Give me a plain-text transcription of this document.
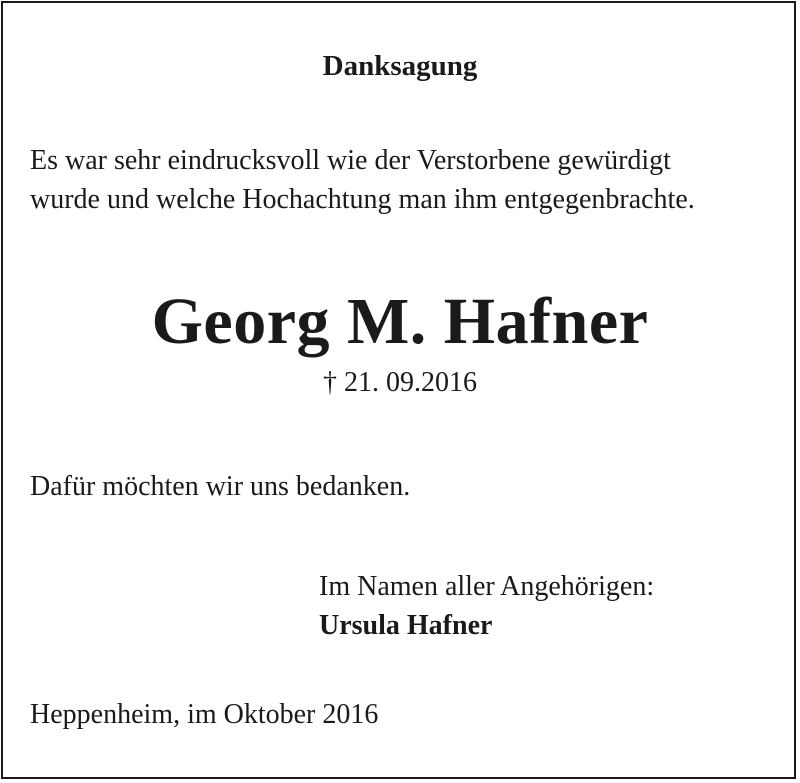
Danksagung
Es war sehr eindrucksvoll wie der Verstorbene gewürdigt
wurde und welche Hochachtung man ihm entgegenbrachte.
Georg M. Hafner
† 21. 09.2016
Dafür möchten wir uns bedanken.
Im Namen aller Angehörigen:
Ursula Hafner
Heppenheim, im Oktober 2016
